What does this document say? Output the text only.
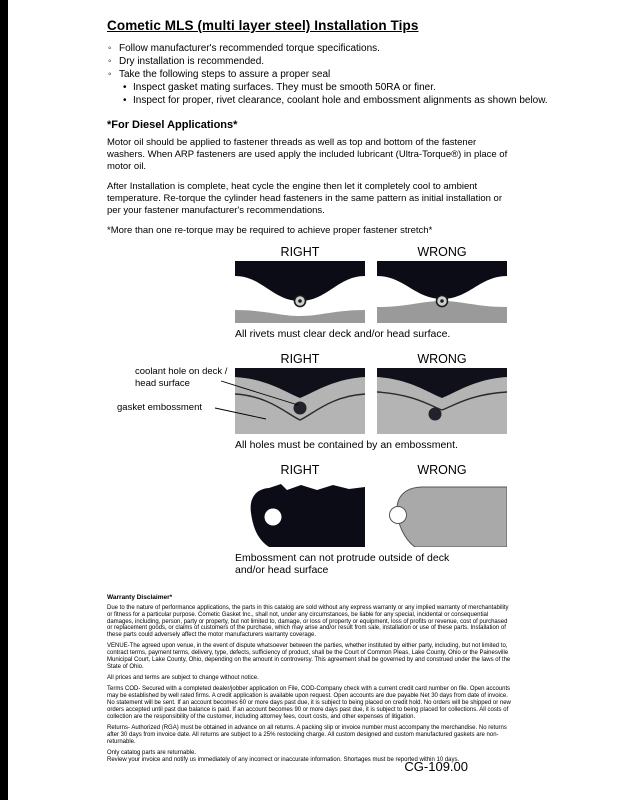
Cometic MLS (multi layer steel) Installation Tips
◦ Follow manufacturer's recommended torque specifications.
◦ Dry installation is recommended.
◦ Take the following steps to assure a proper seal
• Inspect gasket mating surfaces. They must be smooth 50RA or finer.
• Inspect for proper, rivet clearance, coolant hole and embossment alignments as shown below.
*For Diesel Applications*

Motor oil should be applied to fastener threads as well as top and bottom of the fastener washers. When ARP fasteners are used apply the included lubricant (Ultra-Torque®) in place of motor oil.

After Installation is complete, heat cycle the engine then let it completely cool to ambient temperature. Re-torque the cylinder head fasteners in the same pattern as initial installation or per your fastener manufacturer's recommendations.

*More than one re-torque may be required to achieve proper fastener stretch*

RIGHT	WRONG
All rivets must clear deck and/or head surface.
RIGHT	WRONG
coolant hole on deck / head surface
gasket embossment
All holes must be contained by an embossment.
RIGHT	WRONG
Embossment can not protrude outside of deck and/or head surface
Warranty Disclaimer*

Due to the nature of performance applications, the parts in this catalog are sold without any express warranty or any implied warranty of merchantability or fitness for a particular purpose. Cometic Gasket Inc., shall not, under any circumstances, be liable for any special, incidental or consequential damages, including, person, party or property, but not limited to, damage, or loss of property or equipment, loss of profits or revenue, cost of purchased or replacement goods, or claims of customers of the purchase, which may arise and/or result from sale, installation or use of these parts. Installation of these parts could adversely affect the motor manufacturers warranty coverage.

VENUE-The agreed upon venue, in the event of dispute whatsoever between the parties, whether instituted by either party, including, but not limited to, contract terms, payment terms, delivery, type, defects, sufficiency of product, shall be the Court of Common Pleas, Lake County, Ohio or the Painesville Municipal Court, Lake County, Ohio, depending on the amount in controversy. This agreement shall be governed by and construed under the laws of the State of Ohio.

All prices and terms are subject to change without notice.

Terms COD- Secured with a completed dealer/jobber application on File, COD-Company check with a current credit card number on file. Open accounts may be established by well rated firms. A credit application is available upon request. Open accounts are due payable Net 30 days from date of invoice. No statement will be sent. If an account becomes 60 or more days past due, it is subject to being placed on credit hold. No orders will be shipped or new orders accepted until past due balance is paid. If an account becomes 90 or more days past due, it is subject to being placed for collections. All costs of collection are the responsibility of the customer, including attorney fees, court costs, and other expenses of litigation.

Returns- Authorized (RGA) must be obtained in advance on all returns. A packing slip or invoice number must accompany the merchandise. No returns after 30 days from invoice date. All returns are subject to a 25% restocking charge. All custom designed and custom manufactured gaskets are non-returnable.

Only catalog parts are returnable.

Review your invoice and notify us immediately of any incorrect or inaccurate information. Shortages must be reported within 10 days.

CG-109.00
